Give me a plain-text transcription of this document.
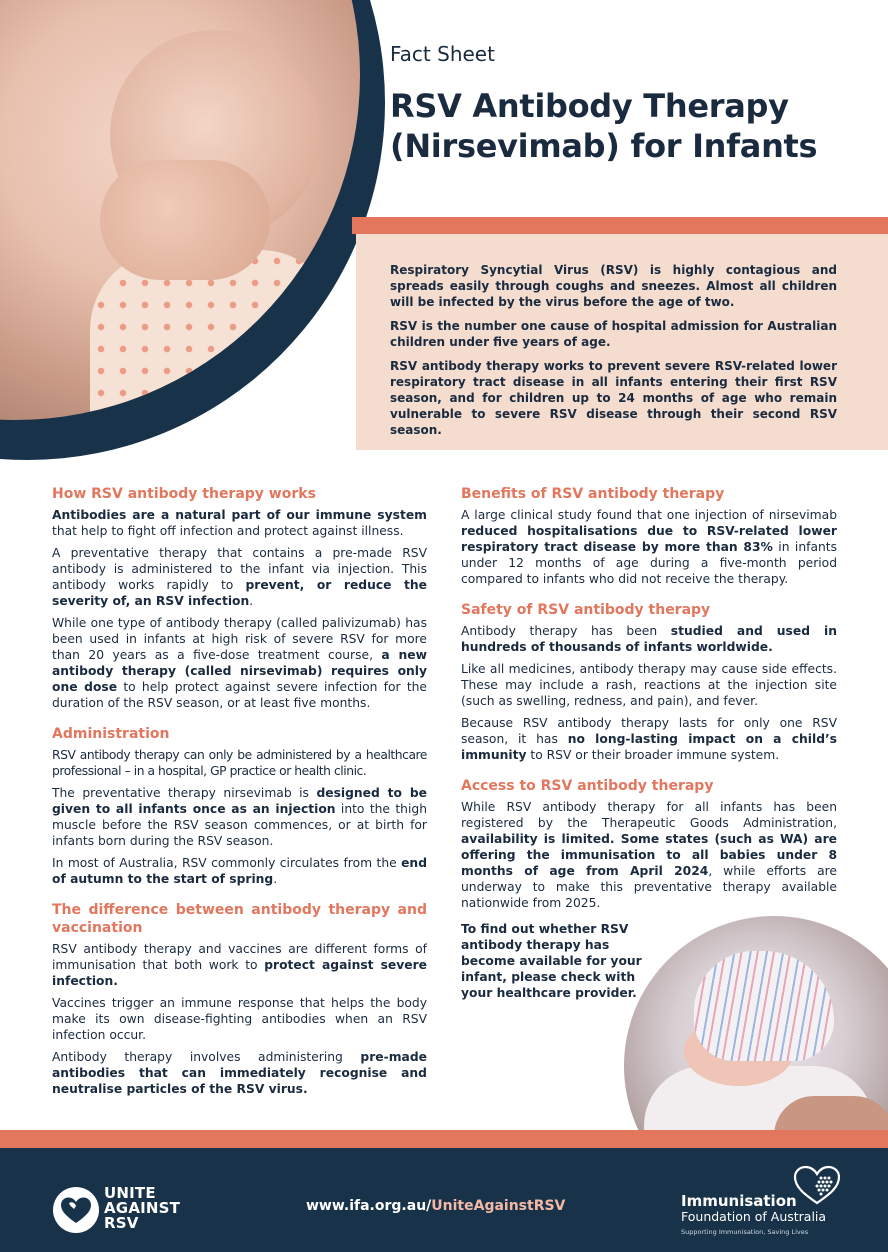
Fact Sheet
RSV Antibody Therapy
(Nirsevimab) for Infants

Respiratory Syncytial Virus (RSV) is highly contagious and spreads easily through coughs and sneezes. Almost all children will be infected by the virus before the age of two.

RSV is the number one cause of hospital admission for Australian children under five years of age.

RSV antibody therapy works to prevent severe RSV-related lower respiratory tract disease in all infants entering their first RSV season, and for children up to 24 months of age who remain vulnerable to severe RSV disease through their second RSV season.

How RSV antibody therapy works

Antibodies are a natural part of our immune system that help to fight off infection and protect against illness.

A preventative therapy that contains a pre-made RSV antibody is administered to the infant via injection. This antibody works rapidly to prevent, or reduce the severity of, an RSV infection.

While one type of antibody therapy (called palivizumab) has been used in infants at high risk of severe RSV for more than 20 years as a five-dose treatment course, a new antibody therapy (called nirsevimab) requires only one dose to help protect against severe infection for the duration of the RSV season, or at least five months.

Administration

RSV antibody therapy can only be administered by a healthcare professional – in a hospital, GP practice or health clinic.

The preventative therapy nirsevimab is designed to be given to all infants once as an injection into the thigh muscle before the RSV season commences, or at birth for infants born during the RSV season.

In most of Australia, RSV commonly circulates from the end of autumn to the start of spring.

The difference between antibody therapy and vaccination

RSV antibody therapy and vaccines are different forms of immunisation that both work to protect against severe infection.

Vaccines trigger an immune response that helps the body make its own disease-fighting antibodies when an RSV infection occur.

Antibody therapy involves administering pre-made antibodies that can immediately recognise and neutralise particles of the RSV virus.

Benefits of RSV antibody therapy

A large clinical study found that one injection of nirsevimab reduced hospitalisations due to RSV-related lower respiratory tract disease by more than 83% in infants under 12 months of age during a five-month period compared to infants who did not receive the therapy.

Safety of RSV antibody therapy

Antibody therapy has been studied and used in hundreds of thousands of infants worldwide.

Like all medicines, antibody therapy may cause side effects. These may include a rash, reactions at the injection site (such as swelling, redness, and pain), and fever.

Because RSV antibody therapy lasts for only one RSV season, it has no long-lasting impact on a child’s immunity to RSV or their broader immune system.

Access to RSV antibody therapy

While RSV antibody therapy for all infants has been registered by the Therapeutic Goods Administration, availability is limited. Some states (such as WA) are offering the immunisation to all babies under 8 months of age from April 2024, while efforts are underway to make this preventative therapy available nationwide from 2025.

To find out whether RSV antibody therapy has become available for your infant, please check with your healthcare provider.
UNITE
AGAINST
RSV
www.ifa.org.au/UniteAgainstRSV	Immunisation
Foundation of Australia
Supporting Immunisation, Saving Lives
